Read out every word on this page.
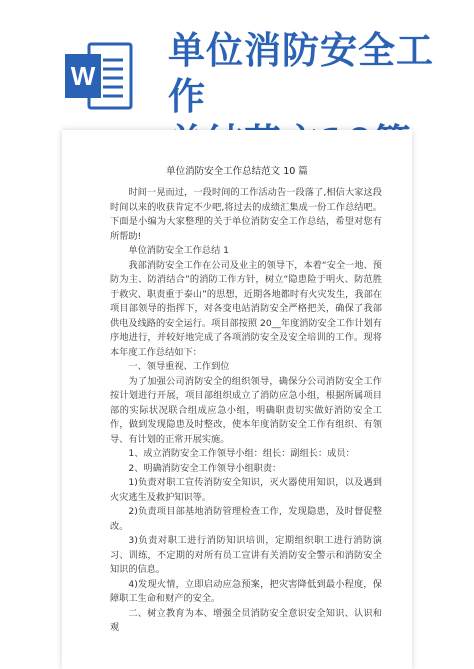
W
单位消防安全工作
单位消防安全工作总结范文 10 篇

时间一晃而过，一段时间的工作活动告一段落了,相信大家这段时间以来的收获肯定不少吧,将过去的成绩汇集成一份工作总结吧。下面是小编为大家整理的关于单位消防安全工作总结，希望对您有所帮助!

单位消防安全工作总结 1

我部消防安全工作在公司及业主的领导下，本着“安全一地、预防为主、防消结合”的消防工作方针，树立“隐患险于明火、防范胜于救灾、职责重于泰山”的思想，近期各地都时有火灾发生，我部在项目部领导的指挥下，对各变电站消防安全严格把关，确保了我部供电及线路的安全运行。项目部按照 20__年度消防安全工作计划有序地进行，并较好地完成了各项消防安全及安全培训的工作。现将本年度工作总结如下：

一、领导重视、工作到位

为了加强公司消防安全的组织领导，确保分公司消防安全工作按计划进行开展，项目部组织成立了消防应急小组，根据所属项目部的实际状况联合组成应急小组，明确职责切实做好消防安全工作，做到发现隐患及时整改，使本年度消防安全工作有组织、有领导、有计划的正常开展实施。

1、成立消防安全工作领导小组：组长：副组长：成员：

2、明确消防安全工作领导小组职责：

1)负责对职工宣传消防安全知识，灭火器使用知识，以及遇到火灾逃生及救护知识等。

2)负责项目部基地消防管理检查工作，发现隐患，及时督促整改。

3)负责对职工进行消防知识培训，定期组织职工进行消防演习、训练，不定期的对所有员工宣讲有关消防安全警示和消防安全知识的信息。

4)发现火情，立即启动应急预案，把灾害降低到最小程度，保障职工生命和财产的安全。

二、树立教育为本、增强全员消防安全意识安全知识、认识和观
